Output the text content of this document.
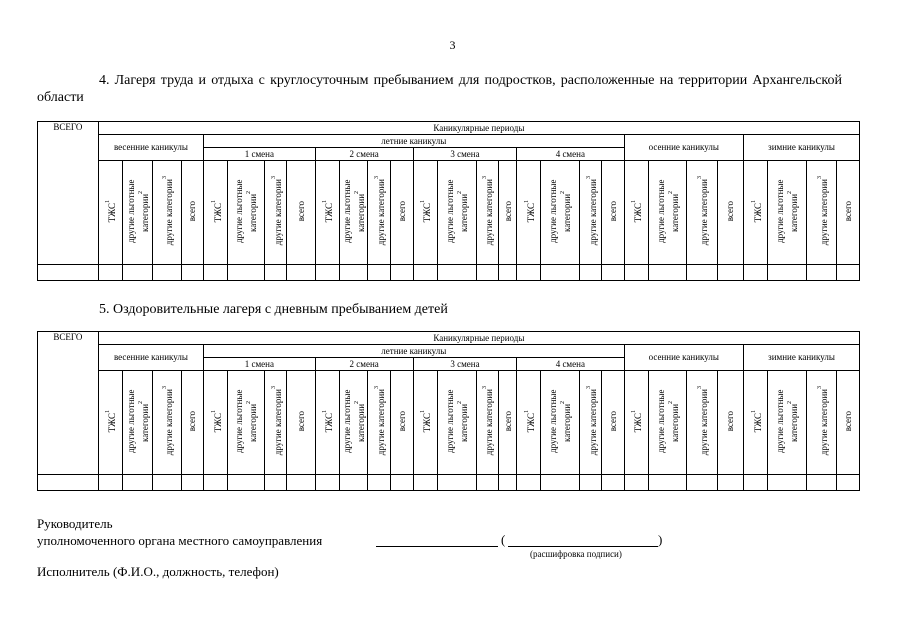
3
4. Лагеря труда и отдыха с круглосуточным пребыванием для подростков, расположенные на территории Архангельской области
ВСЕГО	Каникулярные периоды																											
	весенние каникулы				летние каникулы																осенние каникулы				зимние каникулы			
					1 смена				2 смена				3 смена				4 смена											
	ТЖС$^1$	другие льготные категории$^2$	другие категории$^3$	всего	ТЖС$^1$	другие льготные категории$^2$	другие категории$^3$	всего	ТЖС$^1$	другие льготные категории$^2$	другие категории$^3$	всего	ТЖС$^1$	другие льготные категории$^2$	другие категории$^3$	всего	ТЖС$^1$	другие льготные категории$^2$	другие категории$^3$	всего	ТЖС$^1$	другие льготные категории$^2$	другие категории$^3$	всего	ТЖС$^1$	другие льготные категории$^2$	другие категории$^3$	всего

5. Оздоровительные лагеря с дневным пребыванием детей
ВСЕГО	Каникулярные периоды																											
	весенние каникулы				летние каникулы																осенние каникулы				зимние каникулы			
					1 смена				2 смена				3 смена				4 смена											
	ТЖС$^1$	другие льготные категории$^2$	другие категории$^3$	всего	ТЖС$^1$	другие льготные категории$^2$	другие категории$^3$	всего	ТЖС$^1$	другие льготные категории$^2$	другие категории$^3$	всего	ТЖС$^1$	другие льготные категории$^2$	другие категории$^3$	всего	ТЖС$^1$	другие льготные категории$^2$	другие категории$^3$	всего	ТЖС$^1$	другие льготные категории$^2$	другие категории$^3$	всего	ТЖС$^1$	другие льготные категории$^2$	другие категории$^3$	всего

Руководитель
уполномоченного органа местного самоуправления	(	)
(расшифровка подписи)
Исполнитель (Ф.И.О., должность, телефон)
